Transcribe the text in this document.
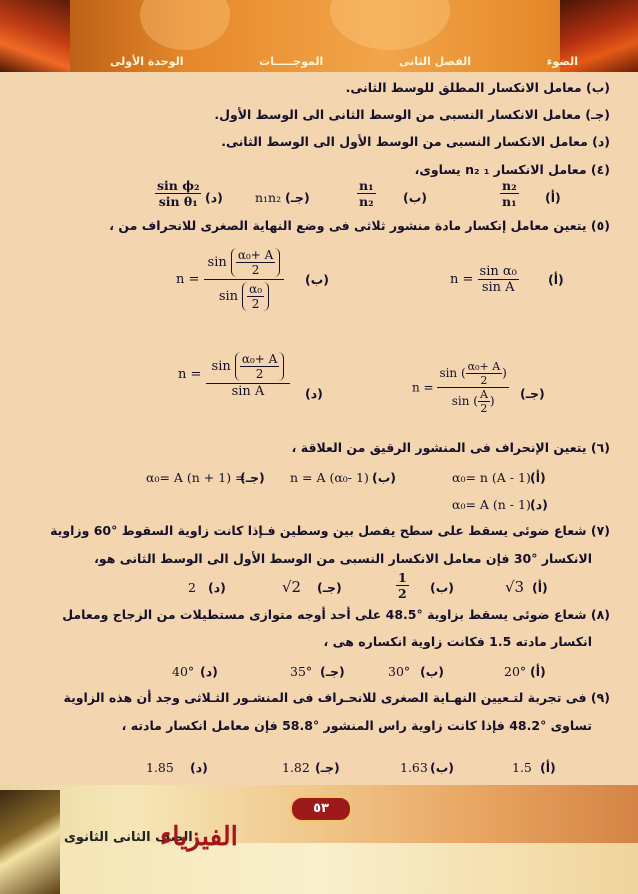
الضوء
الفصل الثانى
الموجـــــات
الوحدة الأولى
(ب) معامل الانكسار المطلق للوسط الثانى.
(جـ) معامل الانكسار النسبى من الوسط الثانى الى الوسط الأول.
(د) معامل الانكسار النسبى من الوسط الأول الى الوسط الثانى.
(٤) معامل الانكسار n₂ ₁ يساوى،
(أ)
$\frac{\text{n₂}}{\text{n₁}}$
(ب)
$\frac{\text{n₁}}{\text{n₂}}$
(جـ)
n₁n₂
(د)
$\frac{\text{sin ϕ₂}}{\text{sin θ₁}}$
(٥) يتعين معامل إنكسار مادة منشور ثلاثى فى وضع النهاية الصغرى للانحراف من ،
(أ)
$n = \frac{\text{sin α₀}}{\text{sin A}}$
(ب)
$n = \frac{\sin \frac{\text{α₀+ A}}{2}}{\sin \frac{\text{α₀}}{2}}$
(جـ)
$n = \frac{\sin ( \frac{\text{α₀+ A}}{2} )}{\sin ( \frac{A}{2} )}$
(د)
$n = \frac{\sin \frac{\text{α₀+ A}}{2}}{\text{sin A}}$
(٦) يتعين الإنحراف فى المنشور الرقيق من العلاقة ،
(أ)
α₀= n (A - 1)
(ب)
n = A (α₀- 1)
(جـ)
α₀= A (n + 1) =
(د)
α₀= A (n - 1)
(٧) شعاع ضوئى يسقط على سطح يفصل بين وسطين فـإذا كانت زاوية السقوط °60 وزاوية
الانكسار °30 فإن معامل الانكسار النسبى من الوسط الأول الى الوسط الثانى هو،
(أ)
√3
(ب)
$\frac{1}{2}$
(جـ)
√2
(د)
2
(٨) شعاع ضوئى يسقط بزاوية °48.5 على أحد أوجه متوازى مستطيلات من الزجاج ومعامل
انكسار مادته 1.5 فكانت زاوية انكساره هى ،
(أ)
20°
(ب)
30°
(جـ)
35°
(د)
40°
(٩) فى تجربة لتـعيين النهـاية الصغرى للانحـراف فى المنشـور الثـلاثى وجد أن هذه الزاوية
تساوى °48.2 فإذا كانت زاوية راس المنشور °58.8 فإن معامل انكسار مادته ،
(أ)
1.5
(ب)
1.63
(جـ)
1.82
(د)
1.85
٥٣
الصف الثانى الثانوى
الفيزياء
